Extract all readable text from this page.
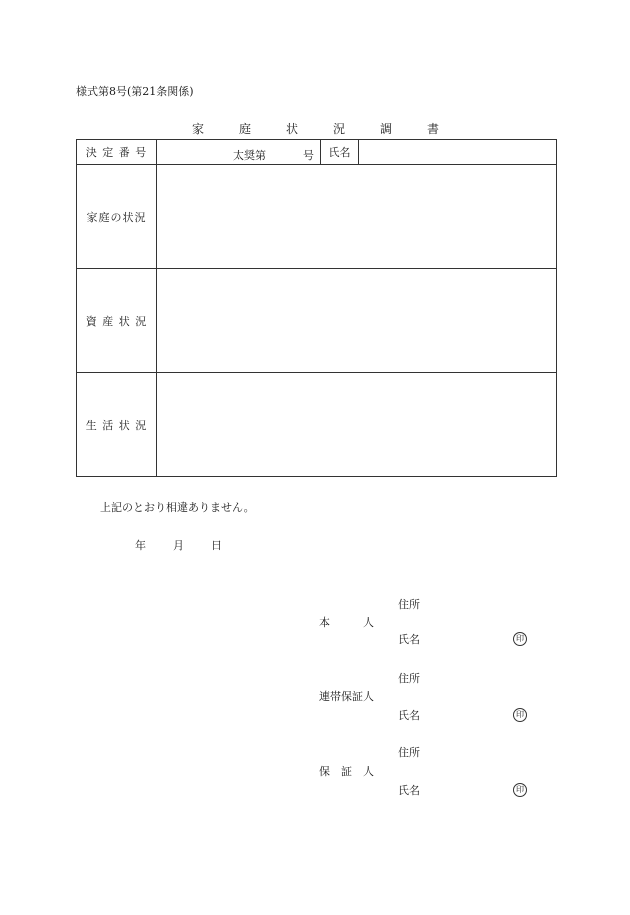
様式第8号(第21条関係)
家	庭	状	況	調	書
決 定 番 号	太奨第 号	氏名	
家庭の状況			
資 産 状 況			
生 活 状 況			
上記のとおり相違ありません。
年 月 日
住所
本　　　人
氏名	印
住所
連帯保証人
氏名	印
住所
保　証　人
氏名	印
